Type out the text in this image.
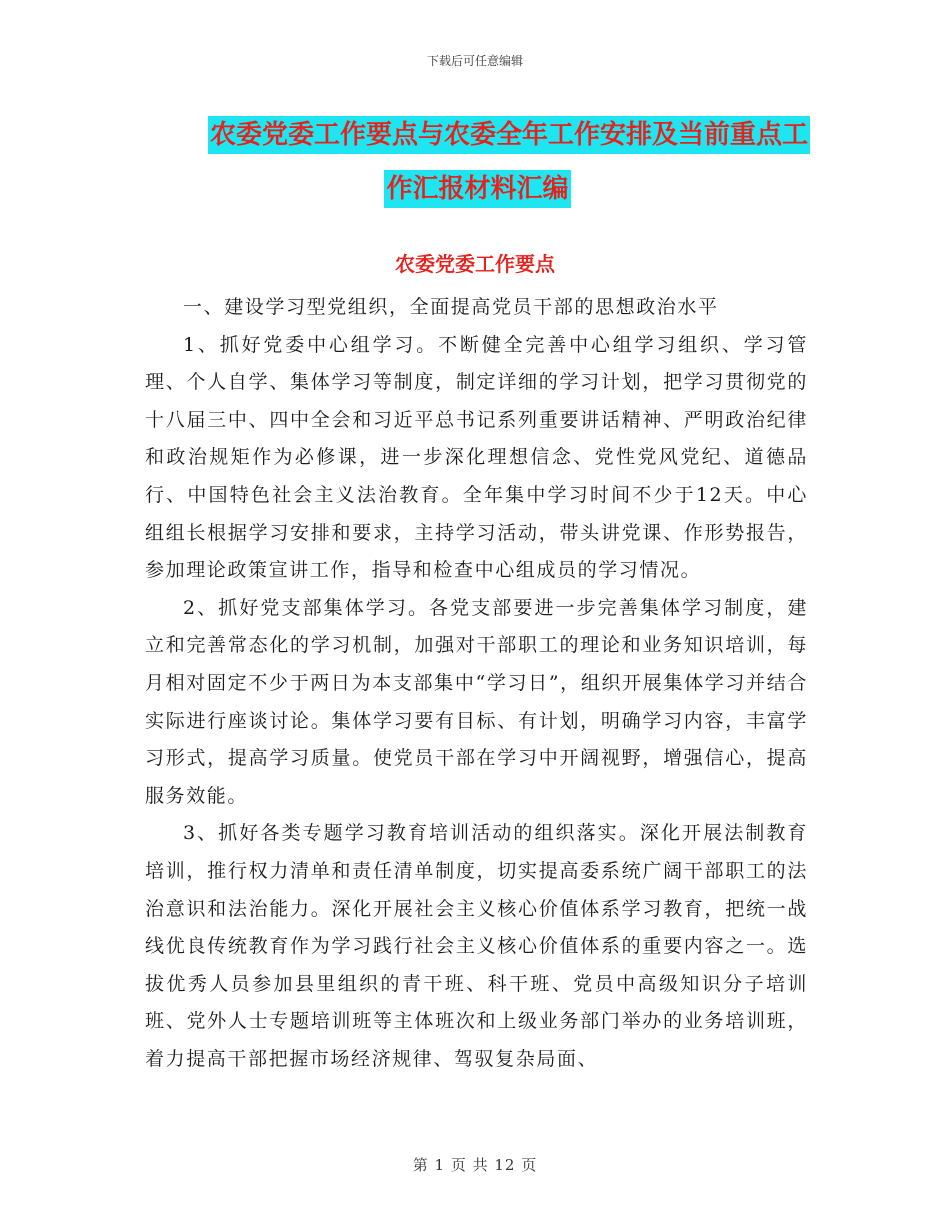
下载后可任意编辑
农委党委工作要点与农委全年工作安排及当前重点工
作汇报材料汇编
农委党委工作要点

一、建设学习型党组织，全面提高党员干部的思想政治水平

1、抓好党委中心组学习。不断健全完善中心组学习组织、学习管理、个人自学、集体学习等制度，制定详细的学习计划，把学习贯彻党的十八届三中、四中全会和习近平总书记系列重要讲话精神、严明政治纪律和政治规矩作为必修课，进一步深化理想信念、党性党风党纪、道德品行、中国特色社会主义法治教育。全年集中学习时间不少于12天。中心组组长根据学习安排和要求，主持学习活动，带头讲党课、作形势报告，参加理论政策宣讲工作，指导和检查中心组成员的学习情况。

2、抓好党支部集体学习。各党支部要进一步完善集体学习制度，建立和完善常态化的学习机制，加强对干部职工的理论和业务知识培训，每月相对固定不少于两日为本支部集中“学习日”，组织开展集体学习并结合实际进行座谈讨论。集体学习要有目标、有计划，明确学习内容，丰富学习形式，提高学习质量。使党员干部在学习中开阔视野，增强信心，提高服务效能。

3、抓好各类专题学习教育培训活动的组织落实。深化开展法制教育培训，推行权力清单和责任清单制度，切实提高委系统广阔干部职工的法治意识和法治能力。深化开展社会主义核心价值体系学习教育，把统一战线优良传统教育作为学习践行社会主义核心价值体系的重要内容之一。选拔优秀人员参加县里组织的青干班、科干班、党员中高级知识分子培训班、党外人士专题培训班等主体班次和上级业务部门举办的业务培训班，着力提高干部把握市场经济规律、驾驭复杂局面、

第 1 页 共 12 页
